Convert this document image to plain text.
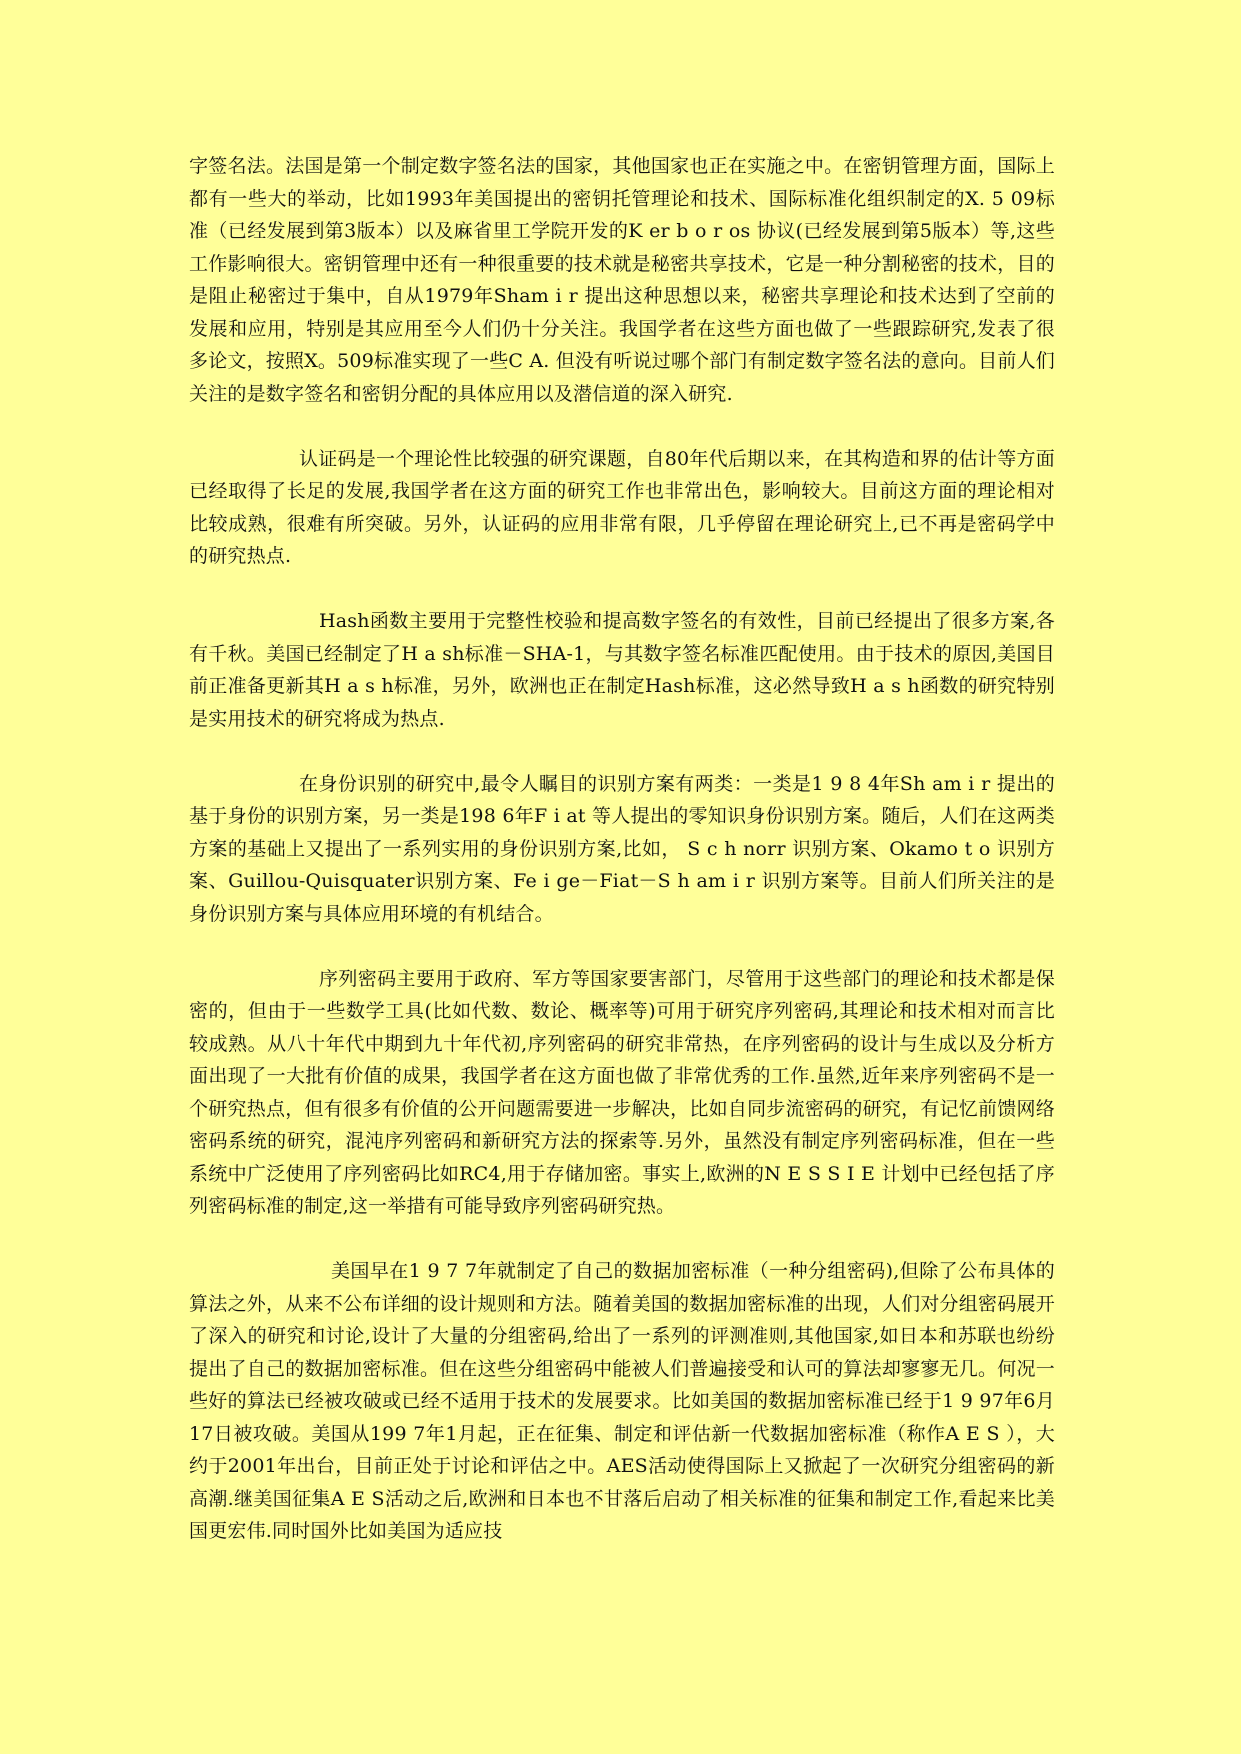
字签名法。法国是第一个制定数字签名法的国家，其他国家也正在实施之中。在密钥管理方面，国际上都有一些大的举动，比如1993年美国提出的密钥托管理论和技术、国际标准化组织制定的X. 5 09标准（已经发展到第3版本）以及麻省里工学院开发的K er b o r os 协议(已经发展到第5版本）等,这些工作影响很大。密钥管理中还有一种很重要的技术就是秘密共享技术，它是一种分割秘密的技术，目的是阻止秘密过于集中，自从1979年Sham i r 提出这种思想以来，秘密共享理论和技术达到了空前的发展和应用，特别是其应用至今人们仍十分关注。我国学者在这些方面也做了一些跟踪研究,发表了很多论文，按照X。509标准实现了一些C A. 但没有听说过哪个部门有制定数字签名法的意向。目前人们关注的是数字签名和密钥分配的具体应用以及潜信道的深入研究.

认证码是一个理论性比较强的研究课题，自80年代后期以来，在其构造和界的估计等方面已经取得了长足的发展,我国学者在这方面的研究工作也非常出色，影响较大。目前这方面的理论相对比较成熟，很难有所突破。另外，认证码的应用非常有限，几乎停留在理论研究上,已不再是密码学中的研究热点.

Hash函数主要用于完整性校验和提高数字签名的有效性，目前已经提出了很多方案,各有千秋。美国已经制定了H a sh标准－SHA-1，与其数字签名标准匹配使用。由于技术的原因,美国目前正准备更新其H a s h标准，另外，欧洲也正在制定Hash标准，这必然导致H a s h函数的研究特别是实用技术的研究将成为热点.

在身份识别的研究中,最令人瞩目的识别方案有两类：一类是1 9 8 4年Sh am i r 提出的基于身份的识别方案，另一类是198 6年F i at 等人提出的零知识身份识别方案。随后，人们在这两类方案的基础上又提出了一系列实用的身份识别方案,比如， S c h norr 识别方案、Okamo t o 识别方案、Guillou-Quisquater识别方案、Fe i ge－Fiat－S h am i r 识别方案等。目前人们所关注的是身份识别方案与具体应用环境的有机结合。

序列密码主要用于政府、军方等国家要害部门，尽管用于这些部门的理论和技术都是保密的，但由于一些数学工具(比如代数、数论、概率等)可用于研究序列密码,其理论和技术相对而言比较成熟。从八十年代中期到九十年代初,序列密码的研究非常热，在序列密码的设计与生成以及分析方面出现了一大批有价值的成果，我国学者在这方面也做了非常优秀的工作.虽然,近年来序列密码不是一个研究热点，但有很多有价值的公开问题需要进一步解决，比如自同步流密码的研究，有记忆前馈网络密码系统的研究，混沌序列密码和新研究方法的探索等.另外，虽然没有制定序列密码标准，但在一些系统中广泛使用了序列密码比如RC4,用于存储加密。事实上,欧洲的N E S S I E 计划中已经包括了序列密码标准的制定,这一举措有可能导致序列密码研究热。

美国早在1 9 7 7年就制定了自己的数据加密标准（一种分组密码),但除了公布具体的算法之外，从来不公布详细的设计规则和方法。随着美国的数据加密标准的出现，人们对分组密码展开了深入的研究和讨论,设计了大量的分组密码,给出了一系列的评测准则,其他国家,如日本和苏联也纷纷提出了自己的数据加密标准。但在这些分组密码中能被人们普遍接受和认可的算法却寥寥无几。何况一些好的算法已经被攻破或已经不适用于技术的发展要求。比如美国的数据加密标准已经于1 9 97年6月17日被攻破。美国从199 7年1月起，正在征集、制定和评估新一代数据加密标准（称作A E S ），大约于2001年出台，目前正处于讨论和评估之中。AES活动使得国际上又掀起了一次研究分组密码的新高潮.继美国征集A E S活动之后,欧洲和日本也不甘落后启动了相关标准的征集和制定工作,看起来比美国更宏伟.同时国外比如美国为适应技
